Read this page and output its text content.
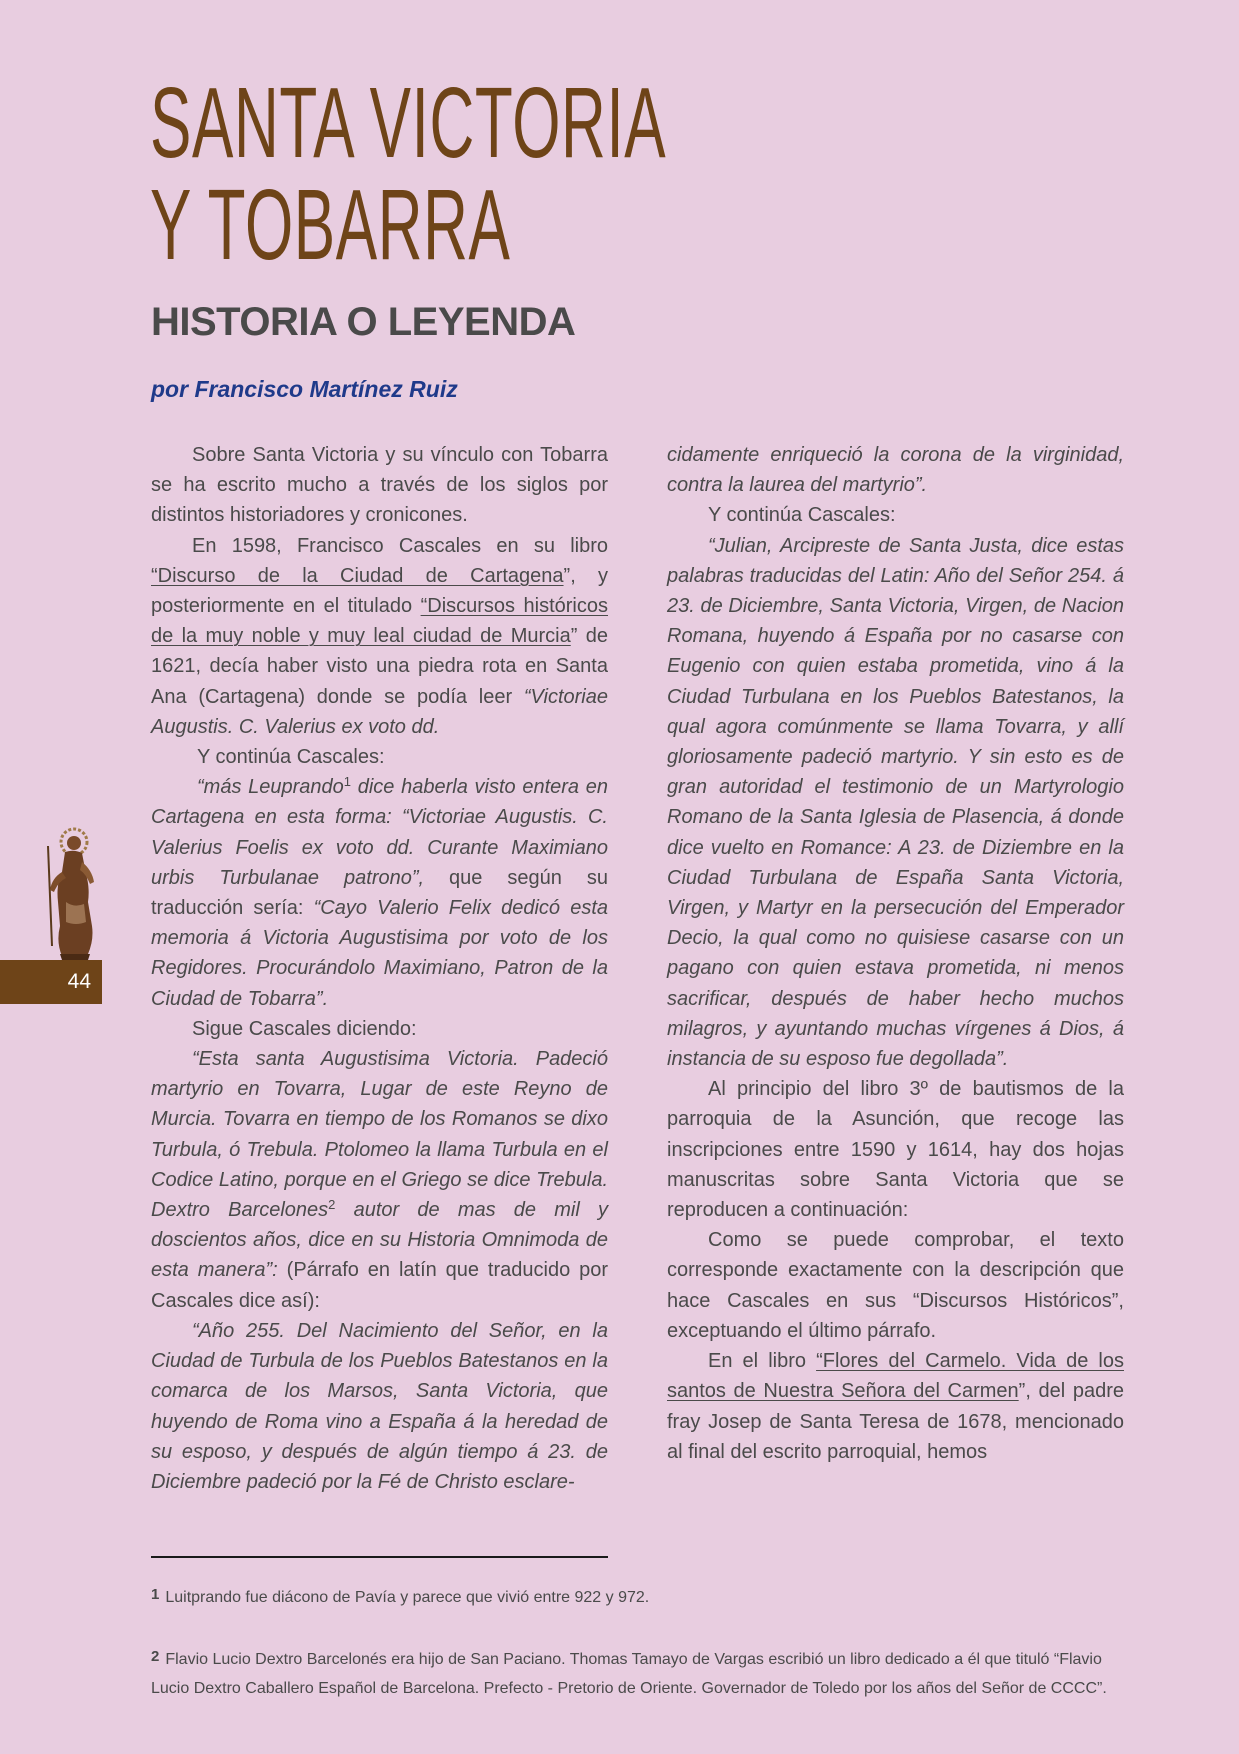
SANTA VICTORIA
Y TOBARRA
HISTORIA O LEYENDA
por Francisco Martínez Ruiz

Sobre Santa Victoria y su vínculo con Tobarra se ha escrito mucho a través de los siglos por distintos historiadores y cronicones.

En 1598, Francisco Cascales en su libro “Discurso de la Ciudad de Cartagena”, y posteriormente en el titulado “Discursos históricos de la muy noble y muy leal ciudad de Murcia” de 1621, decía haber visto una piedra rota en Santa Ana (Cartagena) donde se podía leer “Victoriae Augustis. C. Valerius ex voto dd.

Y continúa Cascales:

“más Leuprando$^1$ dice haberla visto entera en Cartagena en esta forma: “Victoriae Augustis. C. Valerius Foelis ex voto dd. Curante Maximiano urbis Turbulanae patrono”, que según su traducción sería: “Cayo Valerio Felix dedicó esta memoria á Victoria Augustisima por voto de los Regidores. Procurándolo Maximiano, Patron de la Ciudad de Tobarra”.

Sigue Cascales diciendo:

“Esta santa Augustisima Victoria. Padeció martyrio en Tovarra, Lugar de este Reyno de Murcia. Tovarra en tiempo de los Romanos se dixo Turbula, ó Trebula. Ptolomeo la llama Turbula en el Codice Latino, porque en el Griego se dice Trebula. Dextro Barcelones$^2$ autor de mas de mil y doscientos años, dice en su Historia Omnimoda de esta manera”: (Párrafo en latín que traducido por Cascales dice así):

“Año 255. Del Nacimiento del Señor, en la Ciudad de Turbula de los Pueblos Batestanos en la comarca de los Marsos, Santa Victoria, que huyendo de Roma vino a España á la heredad de su esposo, y después de algún tiempo á 23. de Diciembre padeció por la Fé de Christo esclare-

cidamente enriqueció la corona de la virginidad, contra la laurea del martyrio”.

Y continúa Cascales:

“Julian, Arcipreste de Santa Justa, dice estas palabras traducidas del Latin: Año del Señor 254. á 23. de Diciembre, Santa Victoria, Virgen, de Nacion Romana, huyendo á España por no casarse con Eugenio con quien estaba prometida, vino á la Ciudad Turbulana en los Pueblos Batestanos, la qual agora comúnmente se llama Tovarra, y allí gloriosamente padeció martyrio. Y sin esto es de gran autoridad el testimonio de un Martyrologio Romano de la Santa Iglesia de Plasencia, á donde dice vuelto en Romance: A 23. de Diziembre en la Ciudad Turbulana de España Santa Victoria, Virgen, y Martyr en la persecución del Emperador Decio, la qual como no quisiese casarse con un pagano con quien estava prometida, ni menos sacrificar, después de haber hecho muchos milagros, y ayuntando muchas vírgenes á Dios, á instancia de su esposo fue degollada”.

Al principio del libro 3º de bautismos de la parroquia de la Asunción, que recoge las inscripciones entre 1590 y 1614, hay dos hojas manuscritas sobre Santa Victoria que se reproducen a continuación:

Como se puede comprobar, el texto corresponde exactamente con la descripción que hace Cascales en sus “Discursos Históricos”, exceptuando el último párrafo.

En el libro “Flores del Carmelo. Vida de los santos de Nuestra Señora del Carmen”, del padre fray Josep de Santa Teresa de 1678, mencionado al final del escrito parroquial, hemos

1 Luitprando fue diácono de Pavía y parece que vivió entre 922 y 972.

2 Flavio Lucio Dextro Barcelonés era hijo de San Paciano. Thomas Tamayo de Vargas escribió un libro dedicado a él que tituló “Flavio Lucio Dextro Caballero Español de Barcelona. Prefecto - Pretorio de Oriente. Governador de Toledo por los años del Señor de CCCC”.

44
